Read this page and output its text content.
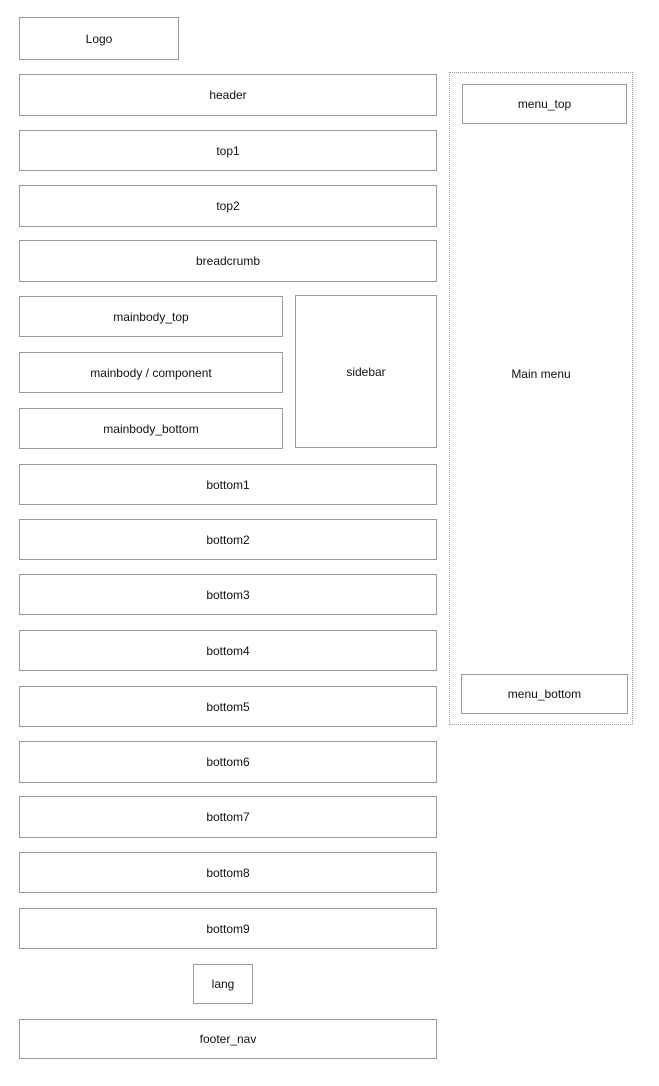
Logo
header
top1
top2
breadcrumb
mainbody_top
mainbody / component
mainbody_bottom
sidebar
bottom1
bottom2
bottom3
bottom4
bottom5
bottom6
bottom7
bottom8
bottom9
lang
footer_nav
menu_top
Main menu
menu_bottom
